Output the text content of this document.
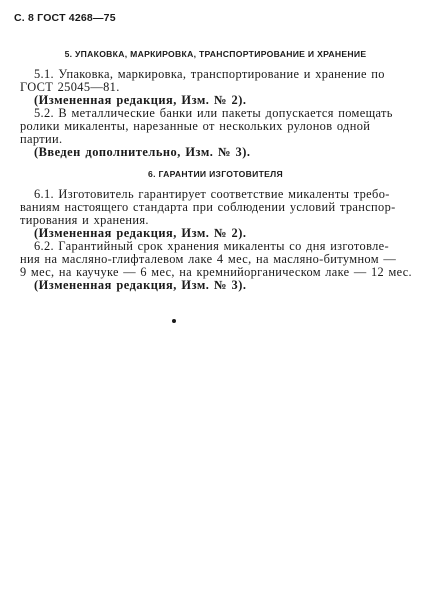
С. 8 ГОСТ 4268—75
5. УПАКОВКА, МАРКИРОВКА, ТРАНСПОРТИРОВАНИЕ И ХРАНЕНИЕ
5.1. Упаковка, маркировка, транспортирование и хранение по
ГОСТ 25045—81.
(Измененная редакция, Изм. № 2).
5.2. В металлические банки или пакеты допускается помещать
ролики микаленты, нарезанные от нескольких рулонов одной
партии.
(Введен дополнительно, Изм. № 3).
6. ГАРАНТИИ ИЗГОТОВИТЕЛЯ
6.1. Изготовитель гарантирует соответствие микаленты требо-
ваниям настоящего стандарта при соблюдении условий транспор-
тирования и хранения.
(Измененная редакция, Изм. № 2).
6.2. Гарантийный срок хранения микаленты со дня изготовле-
ния на масляно-глифталевом лаке 4 мес, на масляно-битумном —
9 мес, на каучуке — 6 мес, на кремнийорганическом лаке — 12 мес.
(Измененная редакция, Изм. № 3).
